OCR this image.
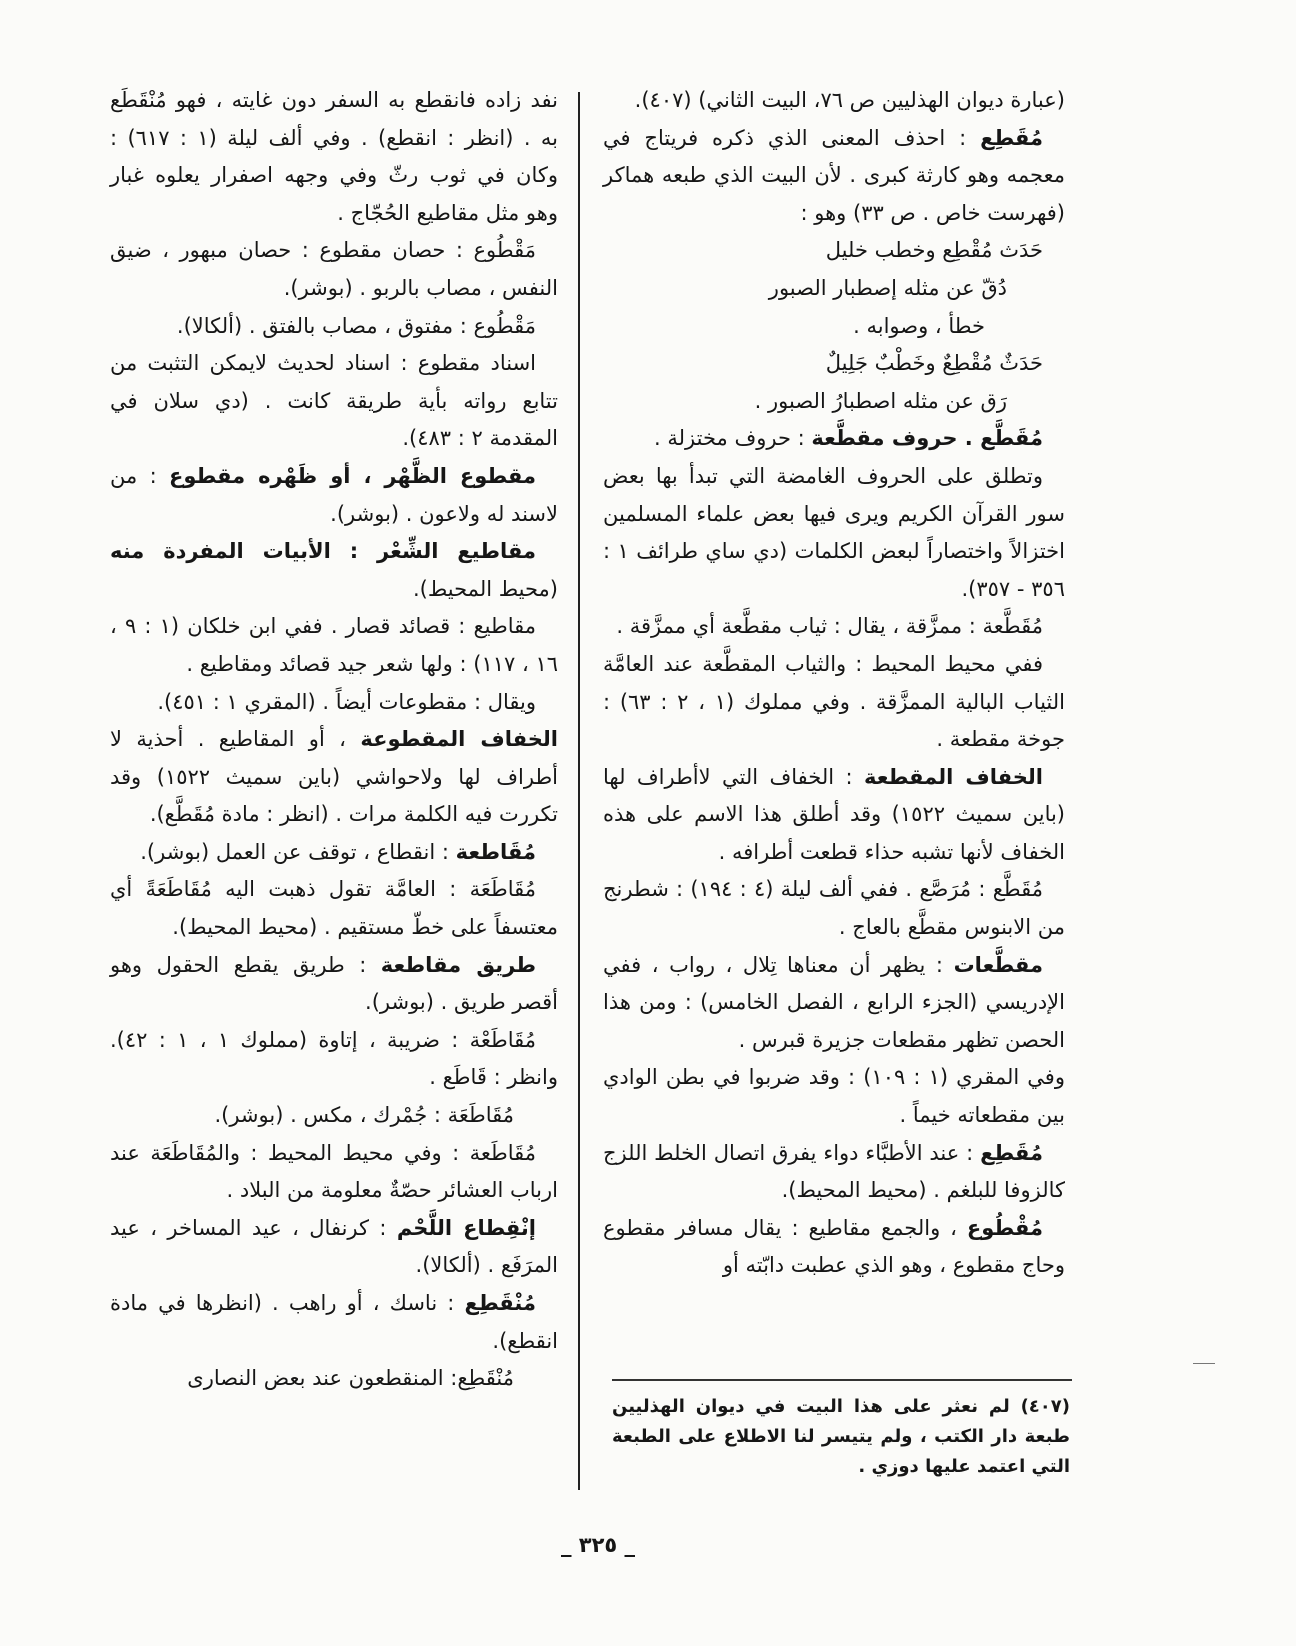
(عبارة ديوان الهذليين ص ٧٦، البيت الثاني) (٤٠٧).

مُقَطِع : احذف المعنى الذي ذكره فريتاج في معجمه وهو كارثة كبرى . لأن البيت الذي طبعه هماكر (فهرست خاص . ص ٣٣) وهو :

حَدَث مُقْطِع وخطب خليل

دُقّ عن مثله إصطبار الصبور

خطأ ، وصوابه .

حَدَثٌ مُقْطِعٌ وخَطْبٌ جَلِيلٌ

رَق عن مثله اصطبارُ الصبور .

مُقَطَّع . حروف مقطَّعة : حروف مختزلة .

وتطلق على الحروف الغامضة التي تبدأ بها بعض سور القرآن الكريم ويرى فيها بعض علماء المسلمين اختزالاً واختصاراً لبعض الكلمات (دي ساي طرائف ١ : ٣٥٦ - ٣٥٧).

مُقَطَّعة : ممزَّقة ، يقال : ثياب مقطَّعة أي ممزَّقة .

ففي محيط المحيط : والثياب المقطَّعة عند العامَّة الثياب البالية الممزَّقة . وفي مملوك (١ ، ٢ : ٦٣) : جوخة مقطعة .

الخفاف المقطعة : الخفاف التي لاأطراف لها (باين سميث ١٥٢٢) وقد أطلق هذا الاسم على هذه الخفاف لأنها تشبه حذاء قطعت أطرافه .

مُقَطَّع : مُرَصَّع . ففي ألف ليلة (٤ : ١٩٤) : شطرنج من الابنوس مقطَّع بالعاج .

مقطَّعات : يظهر أن معناها تِلال ، رواب ، ففي الإدريسي (الجزء الرابع ، الفصل الخامس) : ومن هذا الحصن تظهر مقطعات جزيرة قبرس .

وفي المقري (١ : ١٠٩) : وقد ضربوا في بطن الوادي بين مقطعاته خيماً .

مُقَطِع : عند الأطبَّاء دواء يفرق اتصال الخلط اللزج كالزوفا للبلغم . (محيط المحيط).

مُقْطُوع ، والجمع مقاطيع : يقال مسافر مقطوع وحاج مقطوع ، وهو الذي عطبت دابّته أو

نفد زاده فانقطع به السفر دون غايته ، فهو مُنْقَطَع به . (انظر : انقطع) . وفي ألف ليلة (١ : ٦١٧) : وكان في ثوب رثّ وفي وجهه اصفرار يعلوه غبار وهو مثل مقاطيع الحُجّاج .

مَقْطُوع : حصان مقطوع : حصان مبهور ، ضيق النفس ، مصاب بالربو . (بوشر).

مَقْطُوع : مفتوق ، مصاب بالفتق . (ألكالا).

اسناد مقطوع : اسناد لحديث لايمكن التثبت من تتابع رواته بأية طريقة كانت . (دي سلان في المقدمة ٢ : ٤٨٣).

مقطوع الظَّهْر ، أو ظَهْره مقطوع : من لاسند له ولاعون . (بوشر).

مقاطيع الشِّعْر : الأبيات المفردة منه (محيط المحيط).

مقاطيع : قصائد قصار . ففي ابن خلكان (١ : ٩ ، ١٦ ، ١١٧) : ولها شعر جيد قصائد ومقاطيع .

ويقال : مقطوعات أيضاً . (المقري ١ : ٤٥١).

الخفاف المقطوعة ، أو المقاطيع . أحذية لا أطراف لها ولاحواشي (باين سميث ١٥٢٢) وقد تكررت فيه الكلمة مرات . (انظر : مادة مُقَطَّع).

مُقَاطعة : انقطاع ، توقف عن العمل (بوشر).

مُقَاطَعَة : العامَّة تقول ذهبت اليه مُقَاطَعَةً أي معتسفاً على خطّ مستقيم . (محيط المحيط).

طريق مقاطعة : طريق يقطع الحقول وهو أقصر طريق . (بوشر).

مُقَاطَعْة : ضريبة ، إتاوة (مملوك ١ ، ١ : ٤٢). وانظر : قَاطَع .

مُقَاطَعَة : جُمْرك ، مكس . (بوشر).

مُقَاطَعة : وفي محيط المحيط : والمُقَاطَعَة عند ارباب العشائر حصّةٌ معلومة من البلاد .

إنْقِطاع اللَّحْم : كرنفال ، عيد المساخر ، عيد المرَفَع . (ألكالا).

مُنْقَطِع : ناسك ، أو راهب . (انظرها في مادة انقطع).

مُنْقَطِع: المنقطعون عند بعض النصارى

(٤٠٧) لم نعثر على هذا البيت في ديوان الهذليين طبعة دار الكتب ، ولم يتيسر لنا الاطلاع على الطبعة التي اعتمد عليها دوزي .
_ ٣٢٥ _
